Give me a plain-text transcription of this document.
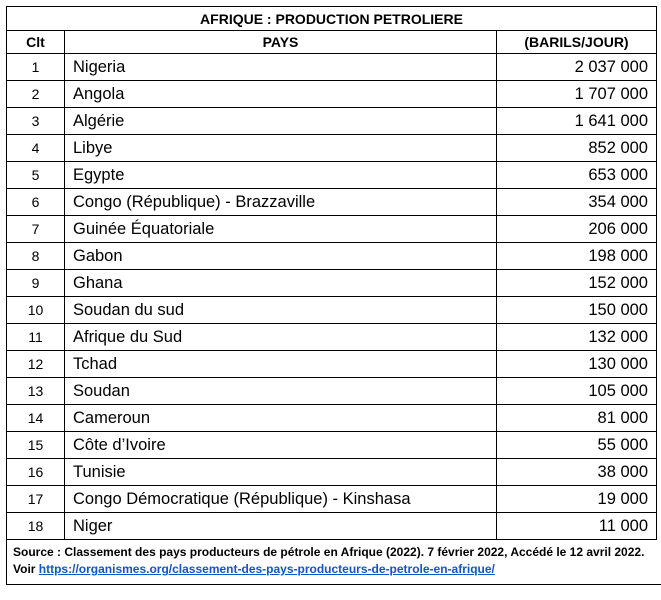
AFRIQUE : PRODUCTION PETROLIERE		
Clt	PAYS	(BARILS/JOUR)
1	Nigeria	2 037 000
2	Angola	1 707 000
3	Algérie	1 641 000
4	Libye	852 000
5	Egypte	653 000
6	Congo (République) - Brazzaville	354 000
7	Guinée Équatoriale	206 000
8	Gabon	198 000
9	Ghana	152 000
10	Soudan du sud	150 000
11	Afrique du Sud	132 000
12	Tchad	130 000
13	Soudan	105 000
14	Cameroun	81 000
15	Côte d’Ivoire	55 000
16	Tunisie	38 000
17	Congo Démocratique (République) - Kinshasa	19 000
18	Niger	11 000
Source : Classement des pays producteurs de pétrole en Afrique (2022). 7 février 2022, Accédé le 12 avril 2022. Voir https://organismes.org/classement-des-pays-producteurs-de-petrole-en-afrique/
